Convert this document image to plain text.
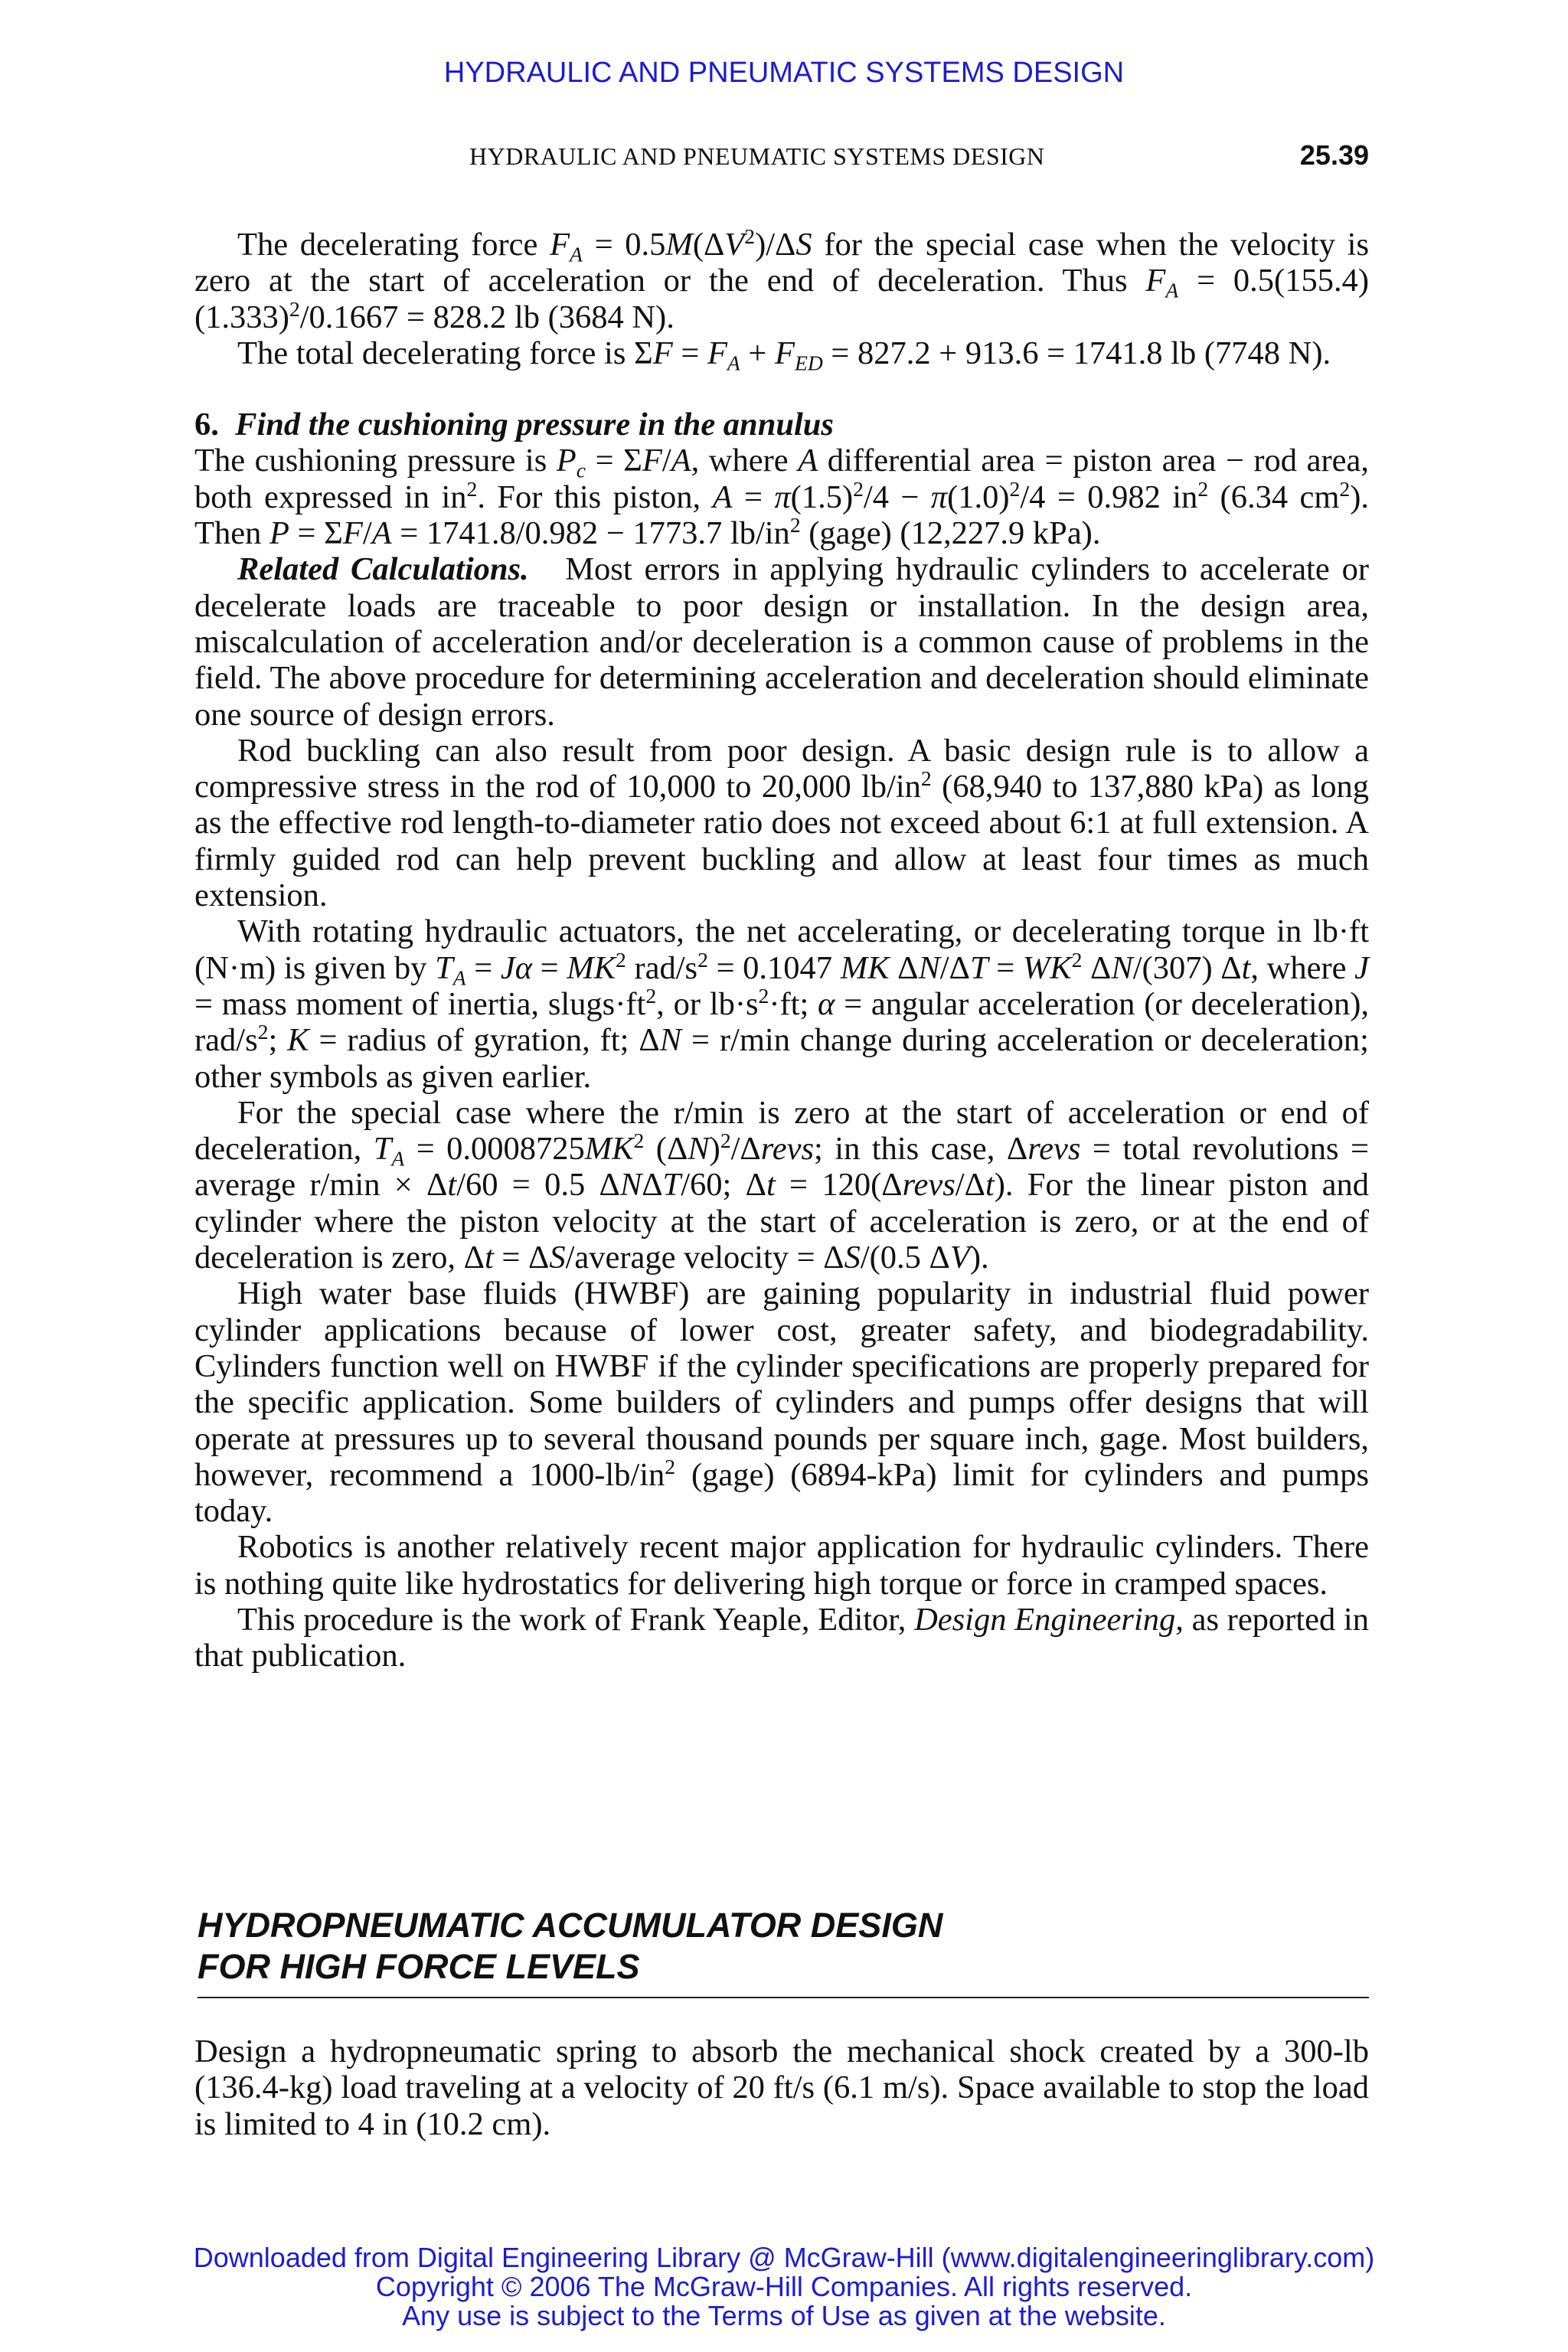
HYDRAULIC AND PNEUMATIC SYSTEMS DESIGN
HYDRAULIC AND PNEUMATIC SYSTEMS DESIGN	25.39

The decelerating force $F_A = 0.5M(\Delta V^2)/\Delta S$ for the special case when the velocity is zero at the start of acceleration or the end of deceleration. Thus $F_A = 0.5(155.4)(1.333)^2/0.1667 = 828.2$ lb (3684 N).

The total decelerating force is $\Sigma F = F_A + F_{ED} = 827.2 + 913.6 = 1741.8$ lb (7748 N).

6. Find the cushioning pressure in the annulus

The cushioning pressure is $P_c = \Sigma F/A$, where A differential area = piston area − rod area, both expressed in $in^2$. For this piston, $A = \pi(1.5)^2/4 - \pi(1.0)^2/4 = 0.982$ $in^2$ (6.34 $cm^2$). Then P = ΣF/A = 1741.8/0.982 − 1773.7 $lb/in^2$ (gage) (12,227.9 kPa).

Related Calculations.   Most errors in applying hydraulic cylinders to accelerate or decelerate loads are traceable to poor design or installation. In the design area, miscalculation of acceleration and/or deceleration is a common cause of problems in the field. The above procedure for determining acceleration and deceleration should eliminate one source of design errors.

Rod buckling can also result from poor design. A basic design rule is to allow a compressive stress in the rod of 10,000 to 20,000 $lb/in^2$ (68,940 to 137,880 kPa) as long as the effective rod length-to-diameter ratio does not exceed about 6:1 at full extension. A firmly guided rod can help prevent buckling and allow at least four times as much extension.

With rotating hydraulic actuators, the net accelerating, or decelerating torque in lb·ft (N·m) is given by $T_A = J\alpha = MK^2$ rad/$s^2 = 0.1047$ MK $\Delta N/\Delta T = WK^2$ ΔN/(307) Δt, where J = mass moment of inertia, $slugs\cdot ft^2$, or $lb\cdot s^2\cdot ft$; α = angular acceleration (or deceleration), rad/$s^2$; K = radius of gyration, ft; ΔN = r/min change during acceleration or deceleration; other symbols as given earlier.

For the special case where the r/min is zero at the start of acceleration or end of deceleration, $T_A = 0.0008725MK^2$ $(\Delta N)^2$/Δrevs; in this case, Δrevs = total revolutions = average r/min × Δt/60 = 0.5 ΔNΔT/60; Δt = 120(Δrevs/Δt). For the linear piston and cylinder where the piston velocity at the start of acceleration is zero, or at the end of deceleration is zero, Δt = ΔS/average velocity = ΔS/(0.5 ΔV).

High water base fluids (HWBF) are gaining popularity in industrial fluid power cylinder applications because of lower cost, greater safety, and biodegradability. Cylinders function well on HWBF if the cylinder specifications are properly prepared for the specific application. Some builders of cylinders and pumps offer designs that will operate at pressures up to several thousand pounds per square inch, gage. Most builders, however, recommend a $1000-lb/in^2$ (gage) (6894-kPa) limit for cylinders and pumps today.

Robotics is another relatively recent major application for hydraulic cylinders. There is nothing quite like hydrostatics for delivering high torque or force in cramped spaces.

This procedure is the work of Frank Yeaple, Editor, Design Engineering, as reported in that publication.

HYDROPNEUMATIC ACCUMULATOR DESIGN
FOR HIGH FORCE LEVELS

Design a hydropneumatic spring to absorb the mechanical shock created by a 300-lb (136.4-kg) load traveling at a velocity of 20 ft/s (6.1 m/s). Space available to stop the load is limited to 4 in (10.2 cm).

Downloaded from Digital Engineering Library @ McGraw-Hill (www.digitalengineeringlibrary.com)
Copyright © 2006 The McGraw-Hill Companies. All rights reserved.
Any use is subject to the Terms of Use as given at the website.
